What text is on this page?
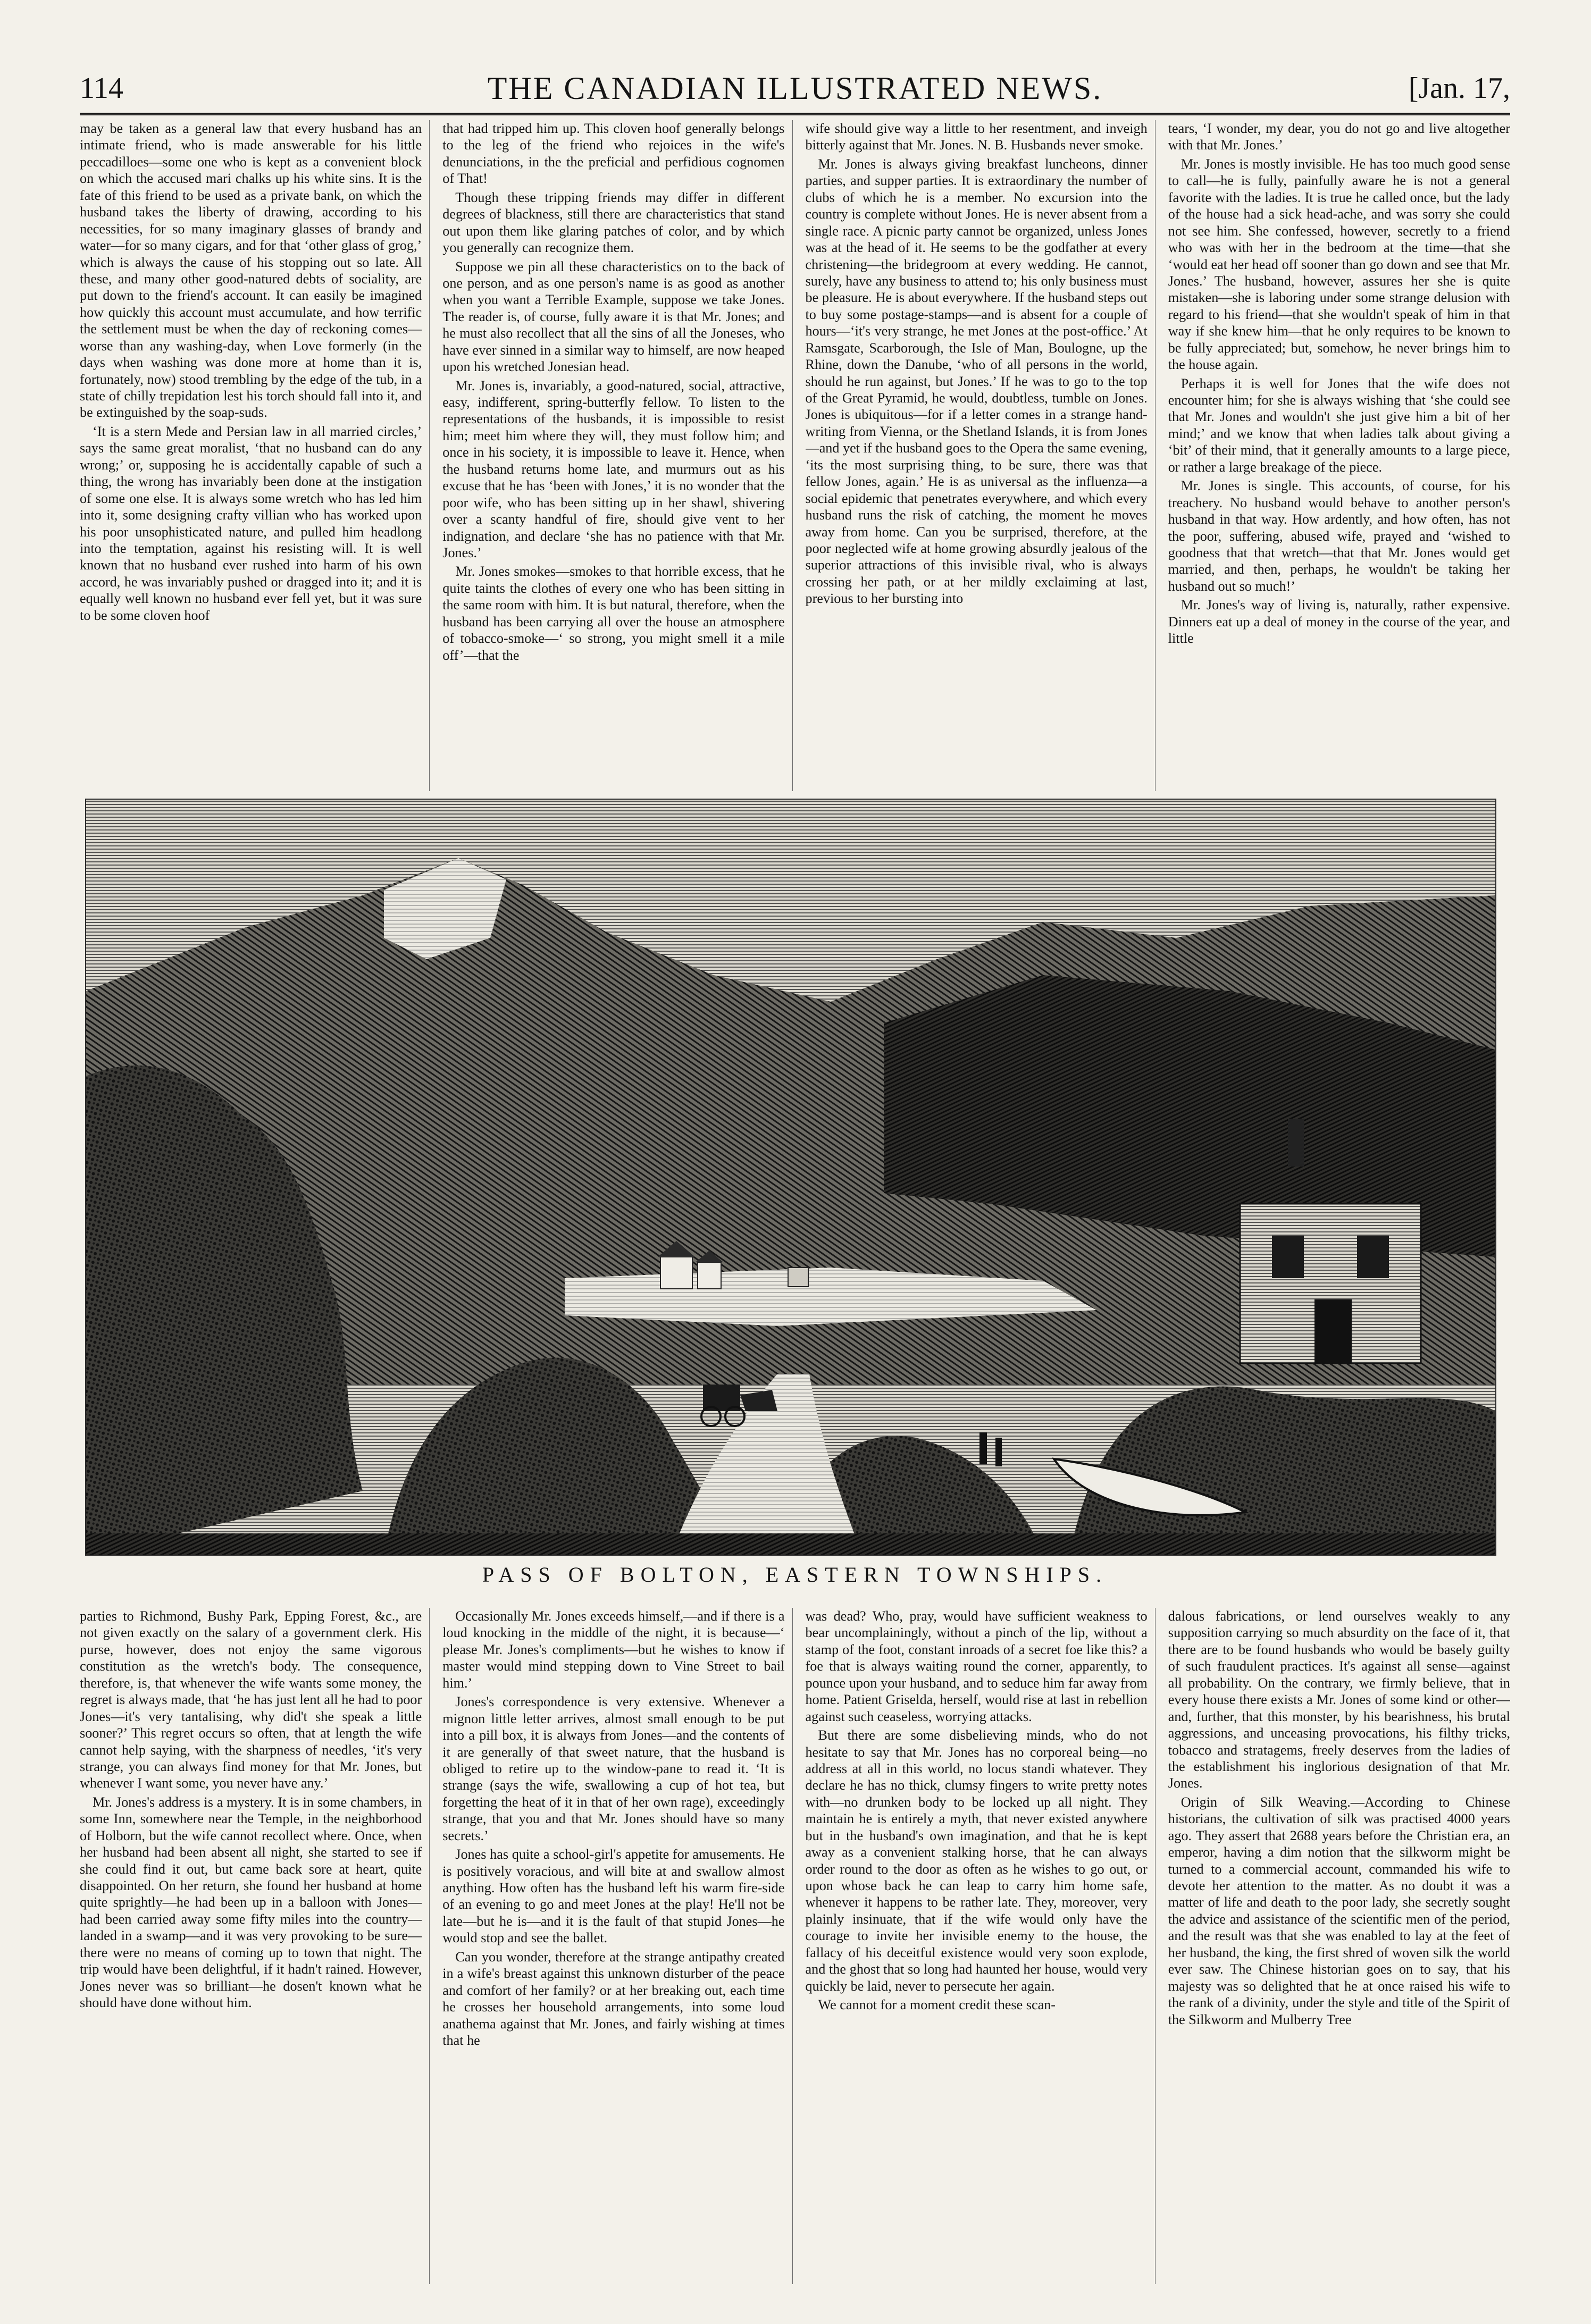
114	THE CANADIAN ILLUSTRATED NEWS.	[Jan. 17,

may be taken as a general law that every husband has an intimate friend, who is made answerable for his little peccadilloes—some one who is kept as a convenient block on which the accused mari chalks up his white sins. It is the fate of this friend to be used as a private bank, on which the husband takes the liberty of drawing, according to his necessities, for so many imaginary glasses of brandy and water—for so many cigars, and for that ‘other glass of grog,’ which is always the cause of his stopping out so late. All these, and many other good-natured debts of sociality, are put down to the friend's account. It can easily be imagined how quickly this account must accumulate, and how terrific the settlement must be when the day of reckoning comes—worse than any washing-day, when Love formerly (in the days when washing was done more at home than it is, fortunately, now) stood trembling by the edge of the tub, in a state of chilly trepidation lest his torch should fall into it, and be extinguished by the soap-suds.

‘It is a stern Mede and Persian law in all married circles,’ says the same great moralist, ‘that no husband can do any wrong;’ or, supposing he is accidentally capable of such a thing, the wrong has invariably been done at the instigation of some one else. It is always some wretch who has led him into it, some designing crafty villian who has worked upon his poor unsophisticated nature, and pulled him headlong into the temptation, against his resisting will. It is well known that no husband ever rushed into harm of his own accord, he was invariably pushed or dragged into it; and it is equally well known no husband ever fell yet, but it was sure to be some cloven hoof

that had tripped him up. This cloven hoof generally belongs to the leg of the friend who rejoices in the wife's denunciations, in the the preficial and perfidious cognomen of That!

Though these tripping friends may differ in different degrees of blackness, still there are characteristics that stand out upon them like glaring patches of color, and by which you generally can recognize them.

Suppose we pin all these characteristics on to the back of one person, and as one person's name is as good as another when you want a Terrible Example, suppose we take Jones. The reader is, of course, fully aware it is that Mr. Jones; and he must also recollect that all the sins of all the Joneses, who have ever sinned in a similar way to himself, are now heaped upon his wretched Jonesian head.

Mr. Jones is, invariably, a good-natured, social, attractive, easy, indifferent, spring-butterfly fellow. To listen to the representations of the husbands, it is impossible to resist him; meet him where they will, they must follow him; and once in his society, it is impossible to leave it. Hence, when the husband returns home late, and murmurs out as his excuse that he has ‘been with Jones,’ it is no wonder that the poor wife, who has been sitting up in her shawl, shivering over a scanty handful of fire, should give vent to her indignation, and declare ‘she has no patience with that Mr. Jones.’

Mr. Jones smokes—smokes to that horrible excess, that he quite taints the clothes of every one who has been sitting in the same room with him. It is but natural, therefore, when the husband has been carrying all over the house an atmosphere of tobacco-smoke—‘ so strong, you might smell it a mile off’—that the

wife should give way a little to her resentment, and inveigh bitterly against that Mr. Jones. N. B. Husbands never smoke.

Mr. Jones is always giving breakfast luncheons, dinner parties, and supper parties. It is extraordinary the number of clubs of which he is a member. No excursion into the country is complete without Jones. He is never absent from a single race. A picnic party cannot be organized, unless Jones was at the head of it. He seems to be the godfather at every christening—the bridegroom at every wedding. He cannot, surely, have any business to attend to; his only business must be pleasure. He is about everywhere. If the husband steps out to buy some postage-stamps—and is absent for a couple of hours—‘it's very strange, he met Jones at the post-office.’ At Ramsgate, Scarborough, the Isle of Man, Boulogne, up the Rhine, down the Danube, ‘who of all persons in the world, should he run against, but Jones.’ If he was to go to the top of the Great Pyramid, he would, doubtless, tumble on Jones. Jones is ubiquitous—for if a letter comes in a strange hand-writing from Vienna, or the Shetland Islands, it is from Jones—and yet if the husband goes to the Opera the same evening, ‘its the most surprising thing, to be sure, there was that fellow Jones, again.’ He is as universal as the influenza—a social epidemic that penetrates everywhere, and which every husband runs the risk of catching, the moment he moves away from home. Can you be surprised, therefore, at the poor neglected wife at home growing absurdly jealous of the superior attractions of this invisible rival, who is always crossing her path, or at her mildly exclaiming at last, previous to her bursting into

tears, ‘I wonder, my dear, you do not go and live altogether with that Mr. Jones.’

Mr. Jones is mostly invisible. He has too much good sense to call—he is fully, painfully aware he is not a general favorite with the ladies. It is true he called once, but the lady of the house had a sick head-ache, and was sorry she could not see him. She confessed, however, secretly to a friend who was with her in the bedroom at the time—that she ‘would eat her head off sooner than go down and see that Mr. Jones.’ The husband, however, assures her she is quite mistaken—she is laboring under some strange delusion with regard to his friend—that she wouldn't speak of him in that way if she knew him—that he only requires to be known to be fully appreciated; but, somehow, he never brings him to the house again.

Perhaps it is well for Jones that the wife does not encounter him; for she is always wishing that ‘she could see that Mr. Jones and wouldn't she just give him a bit of her mind;’ and we know that when ladies talk about giving a ‘bit’ of their mind, that it generally amounts to a large piece, or rather a large breakage of the piece.

Mr. Jones is single. This accounts, of course, for his treachery. No husband would behave to another person's husband in that way. How ardently, and how often, has not the poor, suffering, abused wife, prayed and ‘wished to goodness that that wretch—that that Mr. Jones would get married, and then, perhaps, he wouldn't be taking her husband out so much!’

Mr. Jones's way of living is, naturally, rather expensive. Dinners eat up a deal of money in the course of the year, and little

PASS OF BOLTON, EASTERN TOWNSHIPS.

parties to Richmond, Bushy Park, Epping Forest, &c., are not given exactly on the salary of a government clerk. His purse, however, does not enjoy the same vigorous constitution as the wretch's body. The consequence, therefore, is, that whenever the wife wants some money, the regret is always made, that ‘he has just lent all he had to poor Jones—it's very tantalising, why did't she speak a little sooner?’ This regret occurs so often, that at length the wife cannot help saying, with the sharpness of needles, ‘it's very strange, you can always find money for that Mr. Jones, but whenever I want some, you never have any.’

Mr. Jones's address is a mystery. It is in some chambers, in some Inn, somewhere near the Temple, in the neighborhood of Holborn, but the wife cannot recollect where. Once, when her husband had been absent all night, she started to see if she could find it out, but came back sore at heart, quite disappointed. On her return, she found her husband at home quite sprightly—he had been up in a balloon with Jones—had been carried away some fifty miles into the country—landed in a swamp—and it was very provoking to be sure—there were no means of coming up to town that night. The trip would have been delightful, if it hadn't rained. However, Jones never was so brilliant—he dosen't known what he should have done without him.

Occasionally Mr. Jones exceeds himself,—and if there is a loud knocking in the middle of the night, it is because—‘ please Mr. Jones's compliments—but he wishes to know if master would mind stepping down to Vine Street to bail him.’

Jones's correspondence is very extensive. Whenever a mignon little letter arrives, almost small enough to be put into a pill box, it is always from Jones—and the contents of it are generally of that sweet nature, that the husband is obliged to retire up to the window-pane to read it. ‘It is strange (says the wife, swallowing a cup of hot tea, but forgetting the heat of it in that of her own rage), exceedingly strange, that you and that Mr. Jones should have so many secrets.’

Jones has quite a school-girl's appetite for amusements. He is positively voracious, and will bite at and swallow almost anything. How often has the husband left his warm fire-side of an evening to go and meet Jones at the play! He'll not be late—but he is—and it is the fault of that stupid Jones—he would stop and see the ballet.

Can you wonder, therefore at the strange antipathy created in a wife's breast against this unknown disturber of the peace and comfort of her family? or at her breaking out, each time he crosses her household arrangements, into some loud anathema against that Mr. Jones, and fairly wishing at times that he

was dead? Who, pray, would have sufficient weakness to bear uncomplainingly, without a pinch of the lip, without a stamp of the foot, constant inroads of a secret foe like this? a foe that is always waiting round the corner, apparently, to pounce upon your husband, and to seduce him far away from home. Patient Griselda, herself, would rise at last in rebellion against such ceaseless, worrying attacks.

But there are some disbelieving minds, who do not hesitate to say that Mr. Jones has no corporeal being—no address at all in this world, no locus standi whatever. They declare he has no thick, clumsy fingers to write pretty notes with—no drunken body to be locked up all night. They maintain he is entirely a myth, that never existed anywhere but in the husband's own imagination, and that he is kept away as a convenient stalking horse, that he can always order round to the door as often as he wishes to go out, or upon whose back he can leap to carry him home safe, whenever it happens to be rather late. They, moreover, very plainly insinuate, that if the wife would only have the courage to invite her invisible enemy to the house, the fallacy of his deceitful existence would very soon explode, and the ghost that so long had haunted her house, would very quickly be laid, never to persecute her again.

We cannot for a moment credit these scan-

dalous fabrications, or lend ourselves weakly to any supposition carrying so much absurdity on the face of it, that there are to be found husbands who would be basely guilty of such fraudulent practices. It's against all sense—against all probability. On the contrary, we firmly believe, that in every house there exists a Mr. Jones of some kind or other—and, further, that this monster, by his bearishness, his brutal aggressions, and unceasing provocations, his filthy tricks, tobacco and stratagems, freely deserves from the ladies of the establishment his inglorious designation of that Mr. Jones.

Origin of Silk Weaving.—According to Chinese historians, the cultivation of silk was practised 4000 years ago. They assert that 2688 years before the Christian era, an emperor, having a dim notion that the silkworm might be turned to a commercial account, commanded his wife to devote her attention to the matter. As no doubt it was a matter of life and death to the poor lady, she secretly sought the advice and assistance of the scientific men of the period, and the result was that she was enabled to lay at the feet of her husband, the king, the first shred of woven silk the world ever saw. The Chinese historian goes on to say, that his majesty was so delighted that he at once raised his wife to the rank of a divinity, under the style and title of the Spirit of the Silkworm and Mulberry Tree
